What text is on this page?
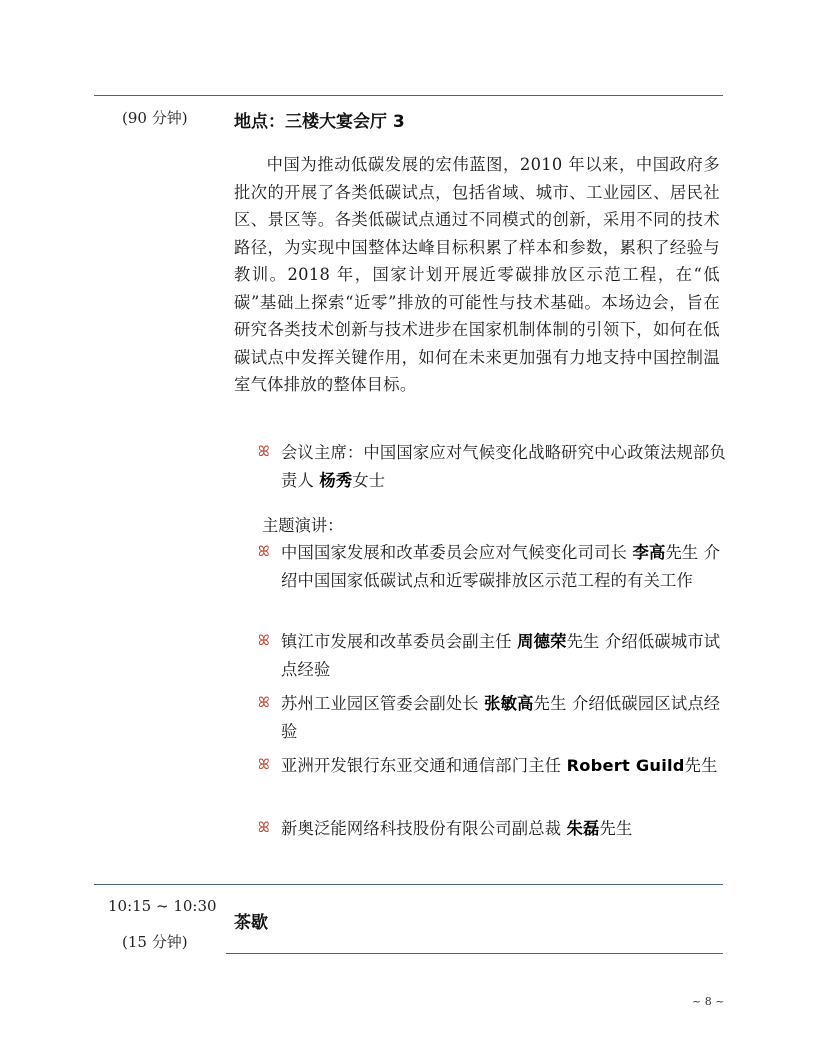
(90 分钟)	地点：三楼大宴会厅 3

中国为推动低碳发展的宏伟蓝图，2010 年以来，中国政府多批次的开展了各类低碳试点，包括省域、城市、工业园区、居民社区、景区等。各类低碳试点通过不同模式的创新，采用不同的技术路径，为实现中国整体达峰目标积累了样本和参数，累积了经验与教训。2018 年，国家计划开展近零碳排放区示范工程，在“低碳”基础上探索“近零”排放的可能性与技术基础。本场边会，旨在研究各类技术创新与技术进步在国家机制体制的引领下，如何在低碳试点中发挥关键作用，如何在未来更加强有力地支持中国控制温室气体排放的整体目标。

ꕤ 会议主席：中国国家应对气候变化战略研究中心政策法规部负责人 杨秀女士
主题演讲：
ꕤ 中国国家发展和改革委员会应对气候变化司司长 李高先生 介绍中国国家低碳试点和近零碳排放区示范工程的有关工作
ꕤ 镇江市发展和改革委员会副主任 周德荣先生 介绍低碳城市试点经验
ꕤ 苏州工业园区管委会副处长 张敏高先生 介绍低碳园区试点经验
ꕤ 亚洲开发银行东亚交通和通信部门主任 Robert Guild先生
ꕤ 新奥泛能网络科技股份有限公司副总裁 朱磊先生
10:15 ~ 10:30
(15 分钟)
茶歇
~ 8 ~
